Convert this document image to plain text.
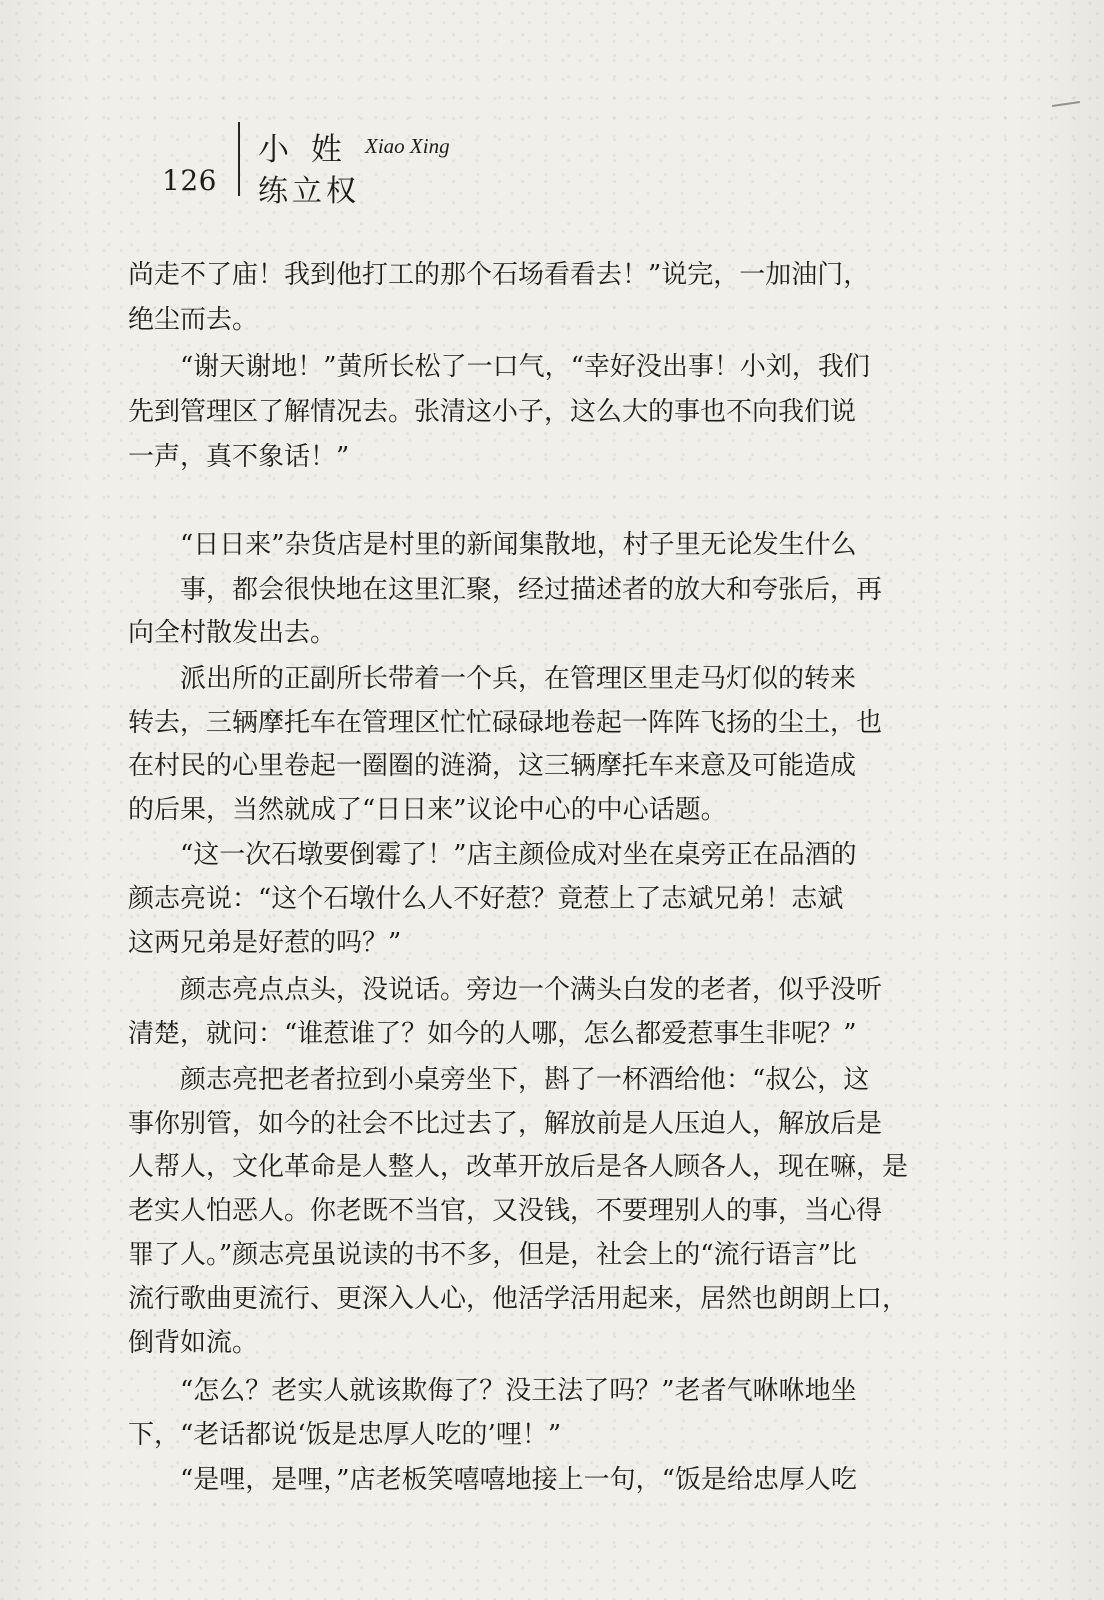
126
小 姓 Xiao Xing
练立权
尚走不了庙！我到他打工的那个石场看看去！”说完，一加油门，
绝尘而去。
“谢天谢地！”黄所长松了一口气，“幸好没出事！小刘，我们
先到管理区了解情况去。张清这小子，这么大的事也不向我们说
一声，真不象话！”
“日日来”杂货店是村里的新闻集散地，村子里无论发生什么
事，都会很快地在这里汇聚，经过描述者的放大和夸张后，再
向全村散发出去。
派出所的正副所长带着一个兵，在管理区里走马灯似的转来
转去，三辆摩托车在管理区忙忙碌碌地卷起一阵阵飞扬的尘土，也
在村民的心里卷起一圈圈的涟漪，这三辆摩托车来意及可能造成
的后果，当然就成了“日日来”议论中心的中心话题。
“这一次石墩要倒霉了！”店主颜俭成对坐在桌旁正在品酒的
颜志亮说：“这个石墩什么人不好惹？竟惹上了志斌兄弟！志斌
这两兄弟是好惹的吗？”
颜志亮点点头，没说话。旁边一个满头白发的老者，似乎没听
清楚，就问：“谁惹谁了？如今的人哪，怎么都爱惹事生非呢？”
颜志亮把老者拉到小桌旁坐下，斟了一杯酒给他：“叔公，这
事你别管，如今的社会不比过去了，解放前是人压迫人，解放后是
人帮人，文化革命是人整人，改革开放后是各人顾各人，现在嘛，是
老实人怕恶人。你老既不当官，又没钱，不要理别人的事，当心得
罪了人。”颜志亮虽说读的书不多，但是，社会上的“流行语言”比
流行歌曲更流行、更深入人心，他活学活用起来，居然也朗朗上口，
倒背如流。
“怎么？老实人就该欺侮了？没王法了吗？”老者气咻咻地坐
下，“老话都说‘饭是忠厚人吃的’哩！”
“是哩，是哩，”店老板笑嘻嘻地接上一句，“饭是给忠厚人吃
